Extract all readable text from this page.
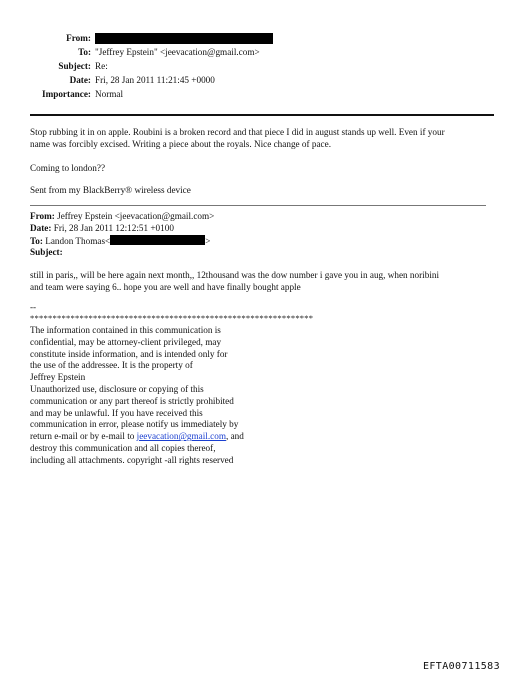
From:
To: "Jeffrey Epstein" <jeevacation@gmail.com>
Subject: Re:
Date: Fri, 28 Jan 2011 11:21:45 +0000
Importance: Normal
Stop rubbing it in on apple. Roubini is a broken record and that piece I did in august stands up well. Even if your
name was forcibly excised. Writing a piece about the royals. Nice change of pace.
Coming to london??
Sent from my BlackBerry® wireless device
From: Jeffrey Epstein <jeevacation@gmail.com>
Date: Fri, 28 Jan 2011 12:12:51 +0100
To: Landon Thomas<	>
Subject:
still in paris,, will be here again next month,, 12thousand was the dow number i gave you in aug, when noribini
and team were saying 6.. hope you are well and have finally bought apple
--
***************************************************************
The information contained in this communication is
confidential, may be attorney-client privileged, may
constitute inside information, and is intended only for
the use of the addressee. It is the property of
Jeffrey Epstein
Unauthorized use, disclosure or copying of this
communication or any part thereof is strictly prohibited
and may be unlawful. If you have received this
communication in error, please notify us immediately by
return e-mail or by e-mail to jeevacation@gmail.com, and
destroy this communication and all copies thereof,
including all attachments. copyright -all rights reserved
EFTA00711583
